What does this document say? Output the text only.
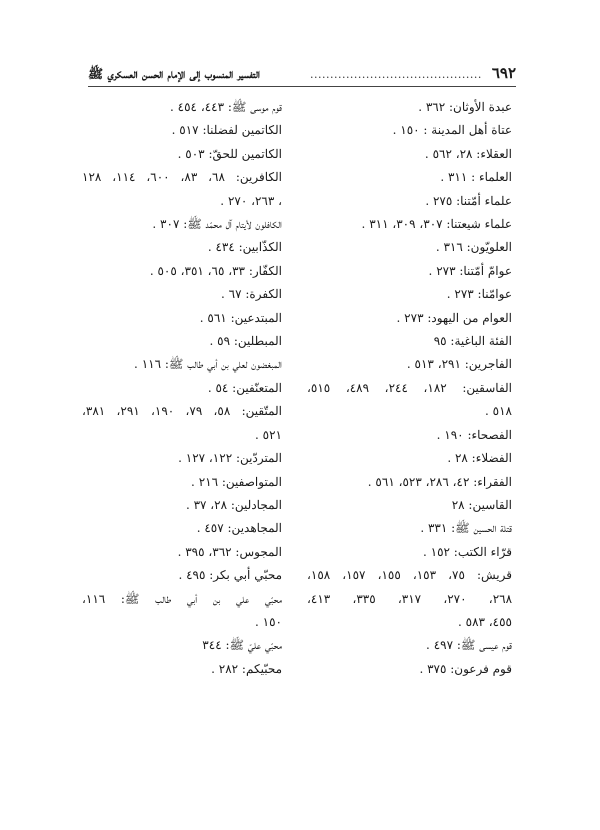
٦٩٢
...........................................
التفسير المنسوب إلى الإمام الحسن العسكري ﷺ
عبدة الأوثان: ٣٦٢ .
عتاة أهل المدينة : ١٥٠ .
العقلاء: ٢٨، ٥٦٢ .
العلماء : ٣١١ .
علماء أمّتنا: ٢٧٥ .
علماء شيعتنا: ٣٠٧، ٣٠٩، ٣١١ .
العلويّون: ٣١٦ .
عوامّ أمّتنا: ٢٧٣ .
عوامّنا: ٢٧٣ .
العوام من اليهود: ٢٧٣ .
الفئة الباغية: ٩٥
الفاجرين: ٢٩١، ٥١٣ .
الفاسقين: ١٨٢، ٢٤٤، ٤٨٩، ٥١٥،
٥١٨ .
الفصحاء: ١٩٠ .
الفضلاء: ٢٨ .
الفقراء: ٤٢، ٢٨٦، ٥٢٣، ٥٦١ .
القاسين: ٢٨
قتلة الحسين ﷺ: ٣٣١ .
قرّاء الكتب: ١٥٢ .
قريش: ٧٥، ١٥٣، ١٥٥، ١٥٧، ١٥٨،
٢٦٨، ٢٧٠، ٣١٧، ٣٣٥، ٤١٣،
٤٥٥، ٥٨٣ .
قوم عيسى ﷺ: ٤٩٧ .
قوم فرعون: ٣٧٥ .
قوم موسى ﷺ: ٤٤٣، ٤٥٤ .
الكاتمين لفضلنا: ٥١٧ .
الكاتمين للحقّ: ٥٠٣ .
الكافرين: ٦٨، ٨٣، ٦٠٠، ١١٤، ١٢٨
، ٢٦٣، ٢٧٠ .
الكافلون لأيتام آل محمّد ﷺ: ٣٠٧ .
الكذّابين: ٤٣٤ .
الكفّار: ٣٣، ٦٥، ٣٥١، ٥٠٥ .
الكفرة: ٦٧ .
المبتدعين: ٥٦١ .
المبطلين: ٥٩ .
المبغضون لعلي بن أبي طالب ﷺ: ١١٦ .
المتعنّفين: ٥٤ .
المتّقين: ٥٨، ٧٩، ١٩٠، ٢٩١، ٣٨١،
٥٢١ .
المتردّين: ١٢٢، ١٢٧ .
المتواصفين: ٢١٦ .
المجادلين: ٢٨، ٣٧ .
المجاهدين: ٤٥٧ .
المجوس: ٣٦٢، ٣٩٥ .
محبّي أبي بكر: ٤٩٥ .
محبّي علي بن أبي طالب ﷺ: ١١٦،
١٥٠ .
محبّي عليّ ﷺ: ٣٤٤
محبّيكم: ٢٨٢ .
